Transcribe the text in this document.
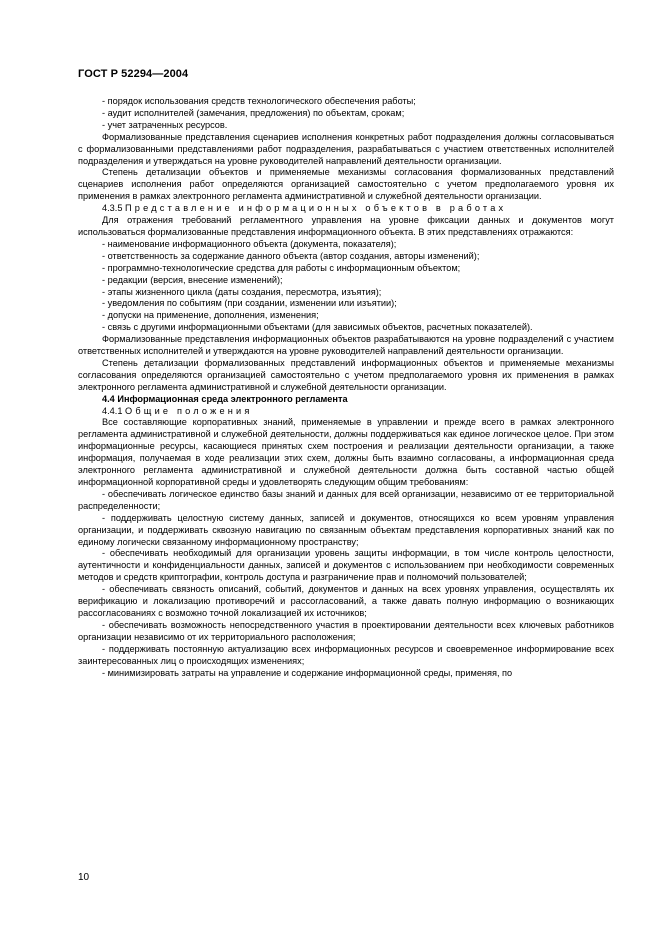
ГОСТ Р 52294—2004
- порядок использования средств технологического обеспечения работы;
- аудит исполнителей (замечания, предложения) по объектам, срокам;
- учет затраченных ресурсов.
Формализованные представления сценариев исполнения конкретных работ подразделения должны согласовываться с формализованными представлениями работ подразделения, разрабатываться с участием ответственных исполнителей подразделения и утверждаться на уровне руководителей направлений деятельности организации.
Степень детализации объектов и применяемые механизмы согласования формализованных представлений сценариев исполнения работ определяются организацией самостоятельно с учетом предполагаемого уровня их применения в рамках электронного регламента административной и служебной деятельности организации.
4.3.5 Представление информационных объектов в работах
Для отражения требований регламентного управления на уровне фиксации данных и документов могут использоваться формализованные представления информационного объекта. В этих представлениях отражаются:
- наименование информационного объекта (документа, показателя);
- ответственность за содержание данного объекта (автор создания, авторы изменений);
- программно-технологические средства для работы с информационным объектом;
- редакции (версия, внесение изменений);
- этапы жизненного цикла (даты создания, пересмотра, изъятия);
- уведомления по событиям (при создании, изменении или изъятии);
- допуски на применение, дополнения, изменения;
- связь с другими информационными объектами (для зависимых объектов, расчетных показателей).
Формализованные представления информационных объектов разрабатываются на уровне подразделений с участием ответственных исполнителей и утверждаются на уровне руководителей направлений деятельности организации.
Степень детализации формализованных представлений информационных объектов и применяемые механизмы согласования определяются организацией самостоятельно с учетом предполагаемого уровня их применения в рамках электронного регламента административной и служебной деятельности организации.
4.4 Информационная среда электронного регламента
4.4.1 Общие положения
Все составляющие корпоративных знаний, применяемые в управлении и прежде всего в рамках электронного регламента административной и служебной деятельности, должны поддерживаться как единое логическое целое. При этом информационные ресурсы, касающиеся принятых схем построения и реализации деятельности организации, а также информация, получаемая в ходе реализации этих схем, должны быть взаимно согласованы, а информационная среда электронного регламента административной и служебной деятельности должна быть составной частью общей информационной корпоративной среды и удовлетворять следующим общим требованиям:
- обеспечивать логическое единство базы знаний и данных для всей организации, независимо от ее территориальной распределенности;
- поддерживать целостную систему данных, записей и документов, относящихся ко всем уровням управления организации, и поддерживать сквозную навигацию по связанным объектам представления корпоративных знаний как по единому логически связанному информационному пространству;
- обеспечивать необходимый для организации уровень защиты информации, в том числе контроль целостности, аутентичности и конфиденциальности данных, записей и документов с использованием при необходимости современных методов и средств криптографии, контроль доступа и разграничение прав и полномочий пользователей;
- обеспечивать связность описаний, событий, документов и данных на всех уровнях управления, осуществлять их верификацию и локализацию противоречий и рассогласований, а также давать полную информацию о возникающих рассогласованиях с возможно точной локализацией их источников;
- обеспечивать возможность непосредственного участия в проектировании деятельности всех ключевых работников организации независимо от их территориального расположения;
- поддерживать постоянную актуализацию всех информационных ресурсов и своевременное информирование всех заинтересованных лиц о происходящих изменениях;
- минимизировать затраты на управление и содержание информационной среды, применяя, по
10
